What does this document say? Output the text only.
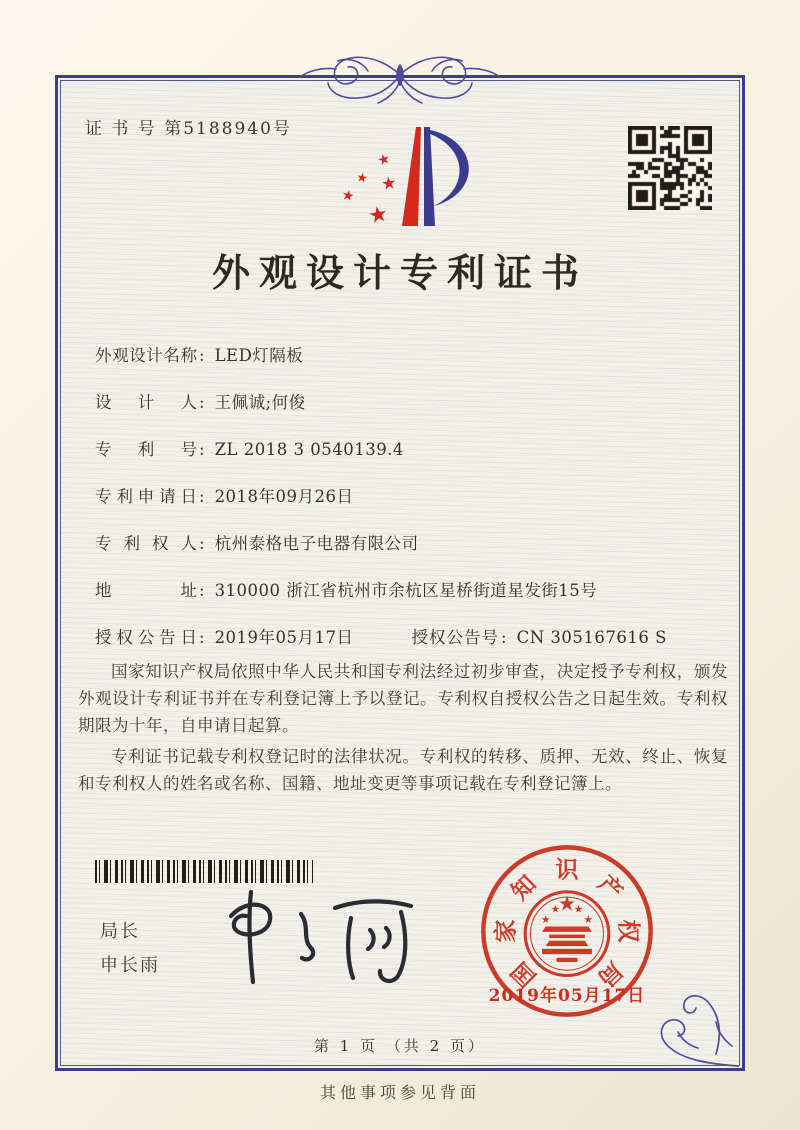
证 书 号 第5188940号
★
★ ★
★
★
外观设计专利证书
外观设计名称 : LED灯隔板
设计人 : 王佩诚;何俊
专利号 : ZL 2018 3 0540139.4
专利申请日 : 2018年09月26日
专利权人 : 杭州泰格电子电器有限公司
地址 : 310000 浙江省杭州市余杭区星桥街道星发街15号
授权公告日 : 2019年05月17日	授权公告号 : CN 305167616 S

国家知识产权局依照中华人民共和国专利法经过初步审查，决定授予专利权，颁发外观设计专利证书并在专利登记簿上予以登记。专利权自授权公告之日起生效。专利权期限为十年，自申请日起算。

专利证书记载专利权登记时的法律状况。专利权的转移、质押、无效、终止、恢复和专利权人的姓名或名称、国籍、地址变更等事项记载在专利登记簿上。

局长
申长雨	国
家
知
识
产
权
局
★
★
★ ★
★
2019年05月17日
第 1 页 （共 2 页）
其他事项参见背面
